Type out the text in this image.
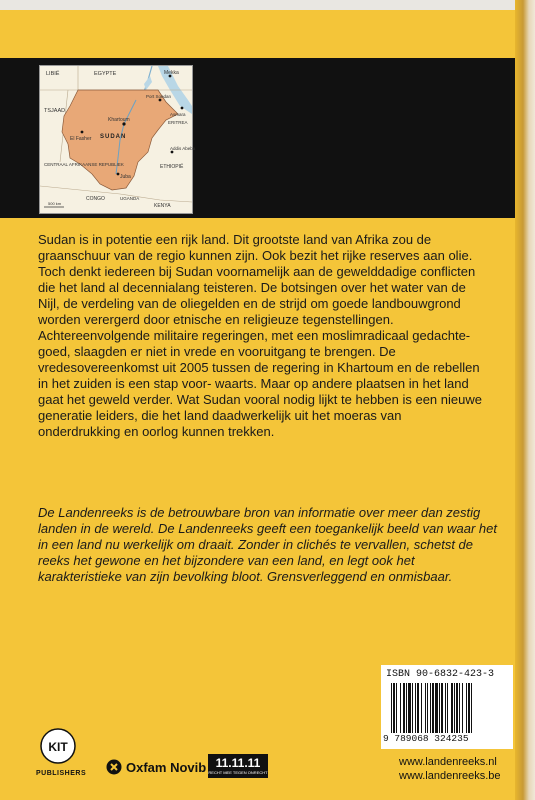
LIBIË	EGYPTE	Mekka
Port Soedan
TSJAAD
Asmara
ERITREA
Khartoum
SUDAN
El Fasher
Addis Abeba
ETHIOPIË
CENTRAAL AFRIKAANSE REPUBLIEK
Juba
CONGO	UGANDA
KENYA
500 km

Sudan is in potentie een rijk land. Dit grootste land van Afrika zou de graanschuur van de regio kunnen zijn. Ook bezit het rijke reserves aan olie. Toch denkt iedereen bij Sudan voornamelijk aan de gewelddadige conflicten die het land al decennialang teisteren. De botsingen over het water van de Nijl, de verdeling van de oliegelden en de strijd om goede landbouwgrond worden verergerd door etnische en religieuze tegenstellingen. Achtereenvolgende militaire regeringen, met een moslimradicaal gedachte- goed, slaagden er niet in vrede en vooruitgang te brengen. De vredesovereenkomst uit 2005 tussen de regering in Khartoum en de rebellen in het zuiden is een stap voor- waarts. Maar op andere plaatsen in het land gaat het geweld verder. Wat Sudan vooral nodig lijkt te hebben is een nieuwe generatie leiders, die het land daadwerkelijk uit het moeras van onderdrukking en oorlog kunnen trekken.

De Landenreeks is de betrouwbare bron van informatie over meer dan zestig landen in de wereld. De Landenreeks geeft een toegankelijk beeld van waar het in een land nu werkelijk om draait. Zonder in clichés te vervallen, schetst de reeks het gewone en het bijzondere van een land, en legt ook het karakteristieke van zijn bevolking bloot. Grensverleggend en onmisbaar.

ISBN 90-6832-423-3
9 789068 324235
www.landenreeks.nl
www.landenreeks.be
KIT
PUBLISHERS	Oxfam Novib 11.11.11
RECHT MEE TEGEN ONRECHT
